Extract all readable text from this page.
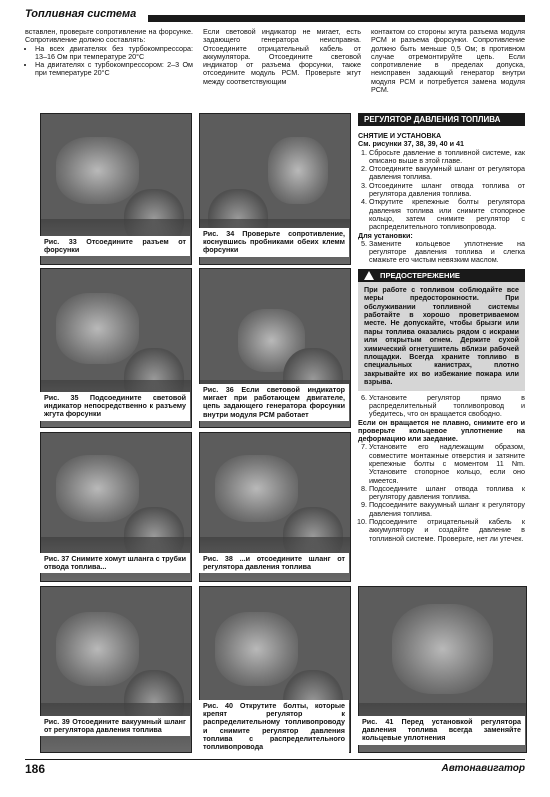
Топливная система
вставлен, проверьте сопротивление на форсунке. Сопротивление должно составлять:
• На всех двигателях без турбокомпрессора: 13–16 Ом при температуре 20°С
• На двигателях с турбокомпрессором: 2–3 Ом при температуре 20°С
Если световой индикатор не мигает, есть задающего генератора неисправна. Отсоедините отрицательный кабель от аккумулятора. Отсоедините световой индикатор от разъема форсунки, также отсоедините модуль РСМ. Проверьте жгут между соответствующим
контактом со стороны жгута разъема модуля РСМ и разъема форсунки. Сопротивление должно быть меньше 0,5 Ом; в противном случае отремонтируйте цепь. Если сопротивление в пределах допуска, неисправен задающий генератор внутри модуля РСМ и потребуется замена модуля РСМ.
Рис. 33 Отсоедините разъем от форсунки
Рис. 34 Проверьте сопротивление, коснувшись пробниками обеих клемм форсунки
Рис. 35 Подсоедините световой индикатор непосредственно к разъему жгута форсунки
Рис. 36 Если световой индикатор мигает при работающем двигателе, цепь задающего генератора форсунки внутри модуля РСМ работает
Рис. 37 Снимите хомут шланга с трубки отвода топлива...
Рис. 38 ...и отсоедините шланг от регулятора давления топлива
Рис. 39 Отсоедините вакуумный шланг от регулятора давления топлива
Рис. 40 Открутите болты, которые крепят регулятор к распределительному топливопроводу и снимите регулятор давления топлива с распределительного топливопровода
Рис. 41 Перед установкой регулятора давления топлива всегда заменяйте кольцевые уплотнения
РЕГУЛЯТОР ДАВЛЕНИЯ ТОПЛИВА
СНЯТИЕ И УСТАНОВКА
См. рисунки 37, 38, 39, 40 и 41
1. Сбросьте давление в топливной системе, как описано выше в этой главе.
2. Отсоедините вакуумный шланг от регулятора давления топлива.
3. Отсоедините шланг отвода топлива от регулятора давления топлива.
4. Открутите крепежные болты регулятора давления топлива или снимите стопорное кольцо, затем снимите регулятор с распределительного топливопровода.
Для установки:
5. Замените кольцевое уплотнение на регуляторе давления топлива и слегка смажьте его чистым невязким маслом.
ПРЕДОСТЕРЕЖЕНИЕ
При работе с топливом соблюдайте все меры предосторожности. При обслуживании топливной системы работайте в хорошо проветриваемом месте. Не допускайте, чтобы брызги или пары топлива оказались рядом с искрами или открытым огнем. Держите сухой химический огнетушитель вблизи рабочей площадки. Всегда храните топливо в специальных канистрах, плотно закрывайте их во избежание пожара или взрыва.
6. Установите регулятор прямо в распределительный топливопровод и убедитесь, что он вращается свободно.
Если он вращается не плавно, снимите его и проверьте кольцевое уплотнение на деформацию или заедание.
7. Установите его надлежащим образом, совместите монтажные отверстия и затяните крепежные болты с моментом 11 Nm. Установите стопорное кольцо, если оно имеется.
8. Подсоедините шланг отвода топлива к регулятору давления топлива.
9. Подсоедините вакуумный шланг к регулятору давления топлива.
10. Подсоедините отрицательный кабель к аккумулятору и создайте давление в топливной системе. Проверьте, нет ли утечек.
186	Автонавигатор
